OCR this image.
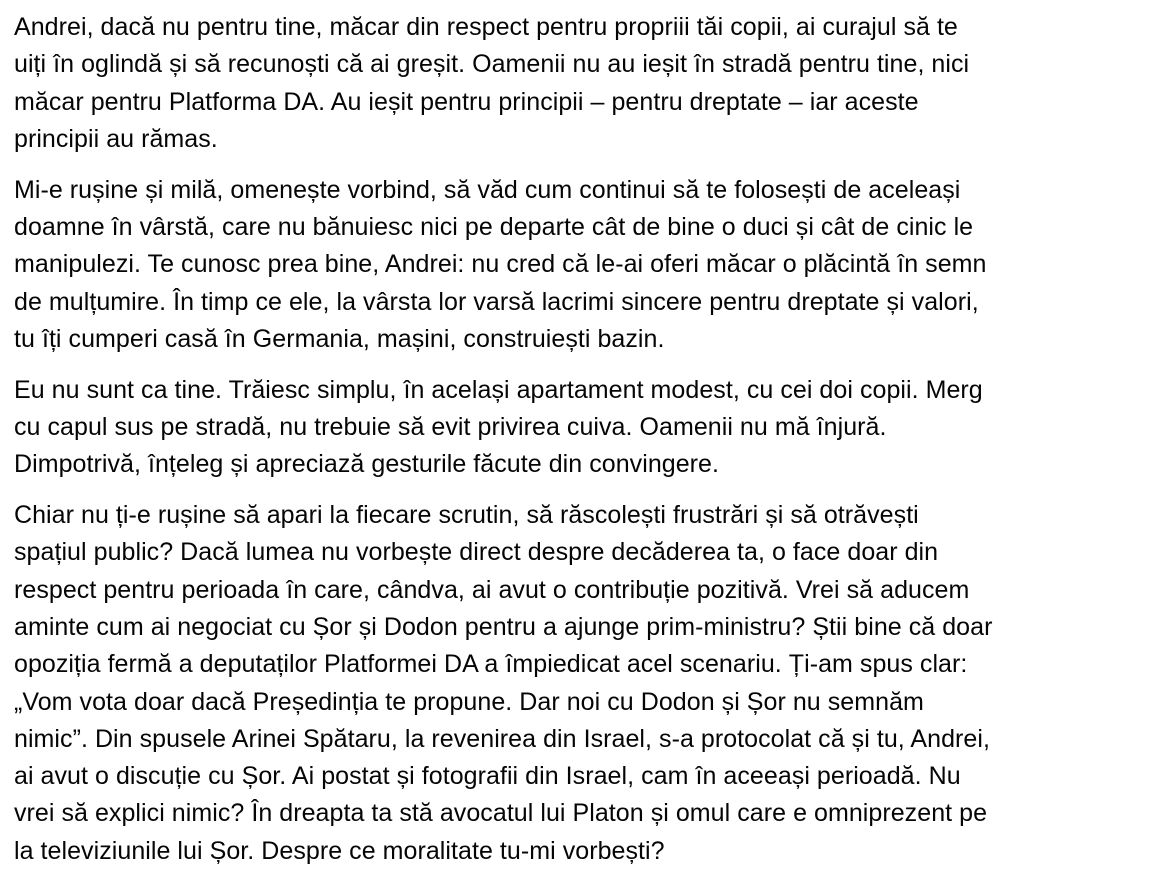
Andrei, dacă nu pentru tine, măcar din respect pentru propriii tăi copii, ai curajul să te
uiți în oglindă și să recunoști că ai greșit. Oamenii nu au ieșit în stradă pentru tine, nici
măcar pentru Platforma DA. Au ieșit pentru principii – pentru dreptate – iar aceste
principii au rămas.
Mi-e rușine și milă, omenește vorbind, să văd cum continui să te folosești de aceleași
doamne în vârstă, care nu bănuiesc nici pe departe cât de bine o duci și cât de cinic le
manipulezi. Te cunosc prea bine, Andrei: nu cred că le-ai oferi măcar o plăcintă în semn
de mulțumire. În timp ce ele, la vârsta lor varsă lacrimi sincere pentru dreptate și valori,
tu îți cumperi casă în Germania, mașini, construiești bazin.
Eu nu sunt ca tine. Trăiesc simplu, în același apartament modest, cu cei doi copii. Merg
cu capul sus pe stradă, nu trebuie să evit privirea cuiva. Oamenii nu mă înjură.
Dimpotrivă, înțeleg și apreciază gesturile făcute din convingere.
Chiar nu ți-e rușine să apari la fiecare scrutin, să răscolești frustrări și să otrăvești
spațiul public? Dacă lumea nu vorbește direct despre decăderea ta, o face doar din
respect pentru perioada în care, cândva, ai avut o contribuție pozitivă. Vrei să aducem
aminte cum ai negociat cu Șor și Dodon pentru a ajunge prim-ministru? Știi bine că doar
opoziția fermă a deputaților Platformei DA a împiedicat acel scenariu. Ți-am spus clar:
„Vom vota doar dacă Președinția te propune. Dar noi cu Dodon și Șor nu semnăm
nimic”. Din spusele Arinei Spătaru, la revenirea din Israel, s-a protocolat că și tu, Andrei,
ai avut o discuție cu Șor. Ai postat și fotografii din Israel, cam în aceeași perioadă. Nu
vrei să explici nimic? În dreapta ta stă avocatul lui Platon și omul care e omniprezent pe
la televiziunile lui Șor. Despre ce moralitate tu-mi vorbești?
